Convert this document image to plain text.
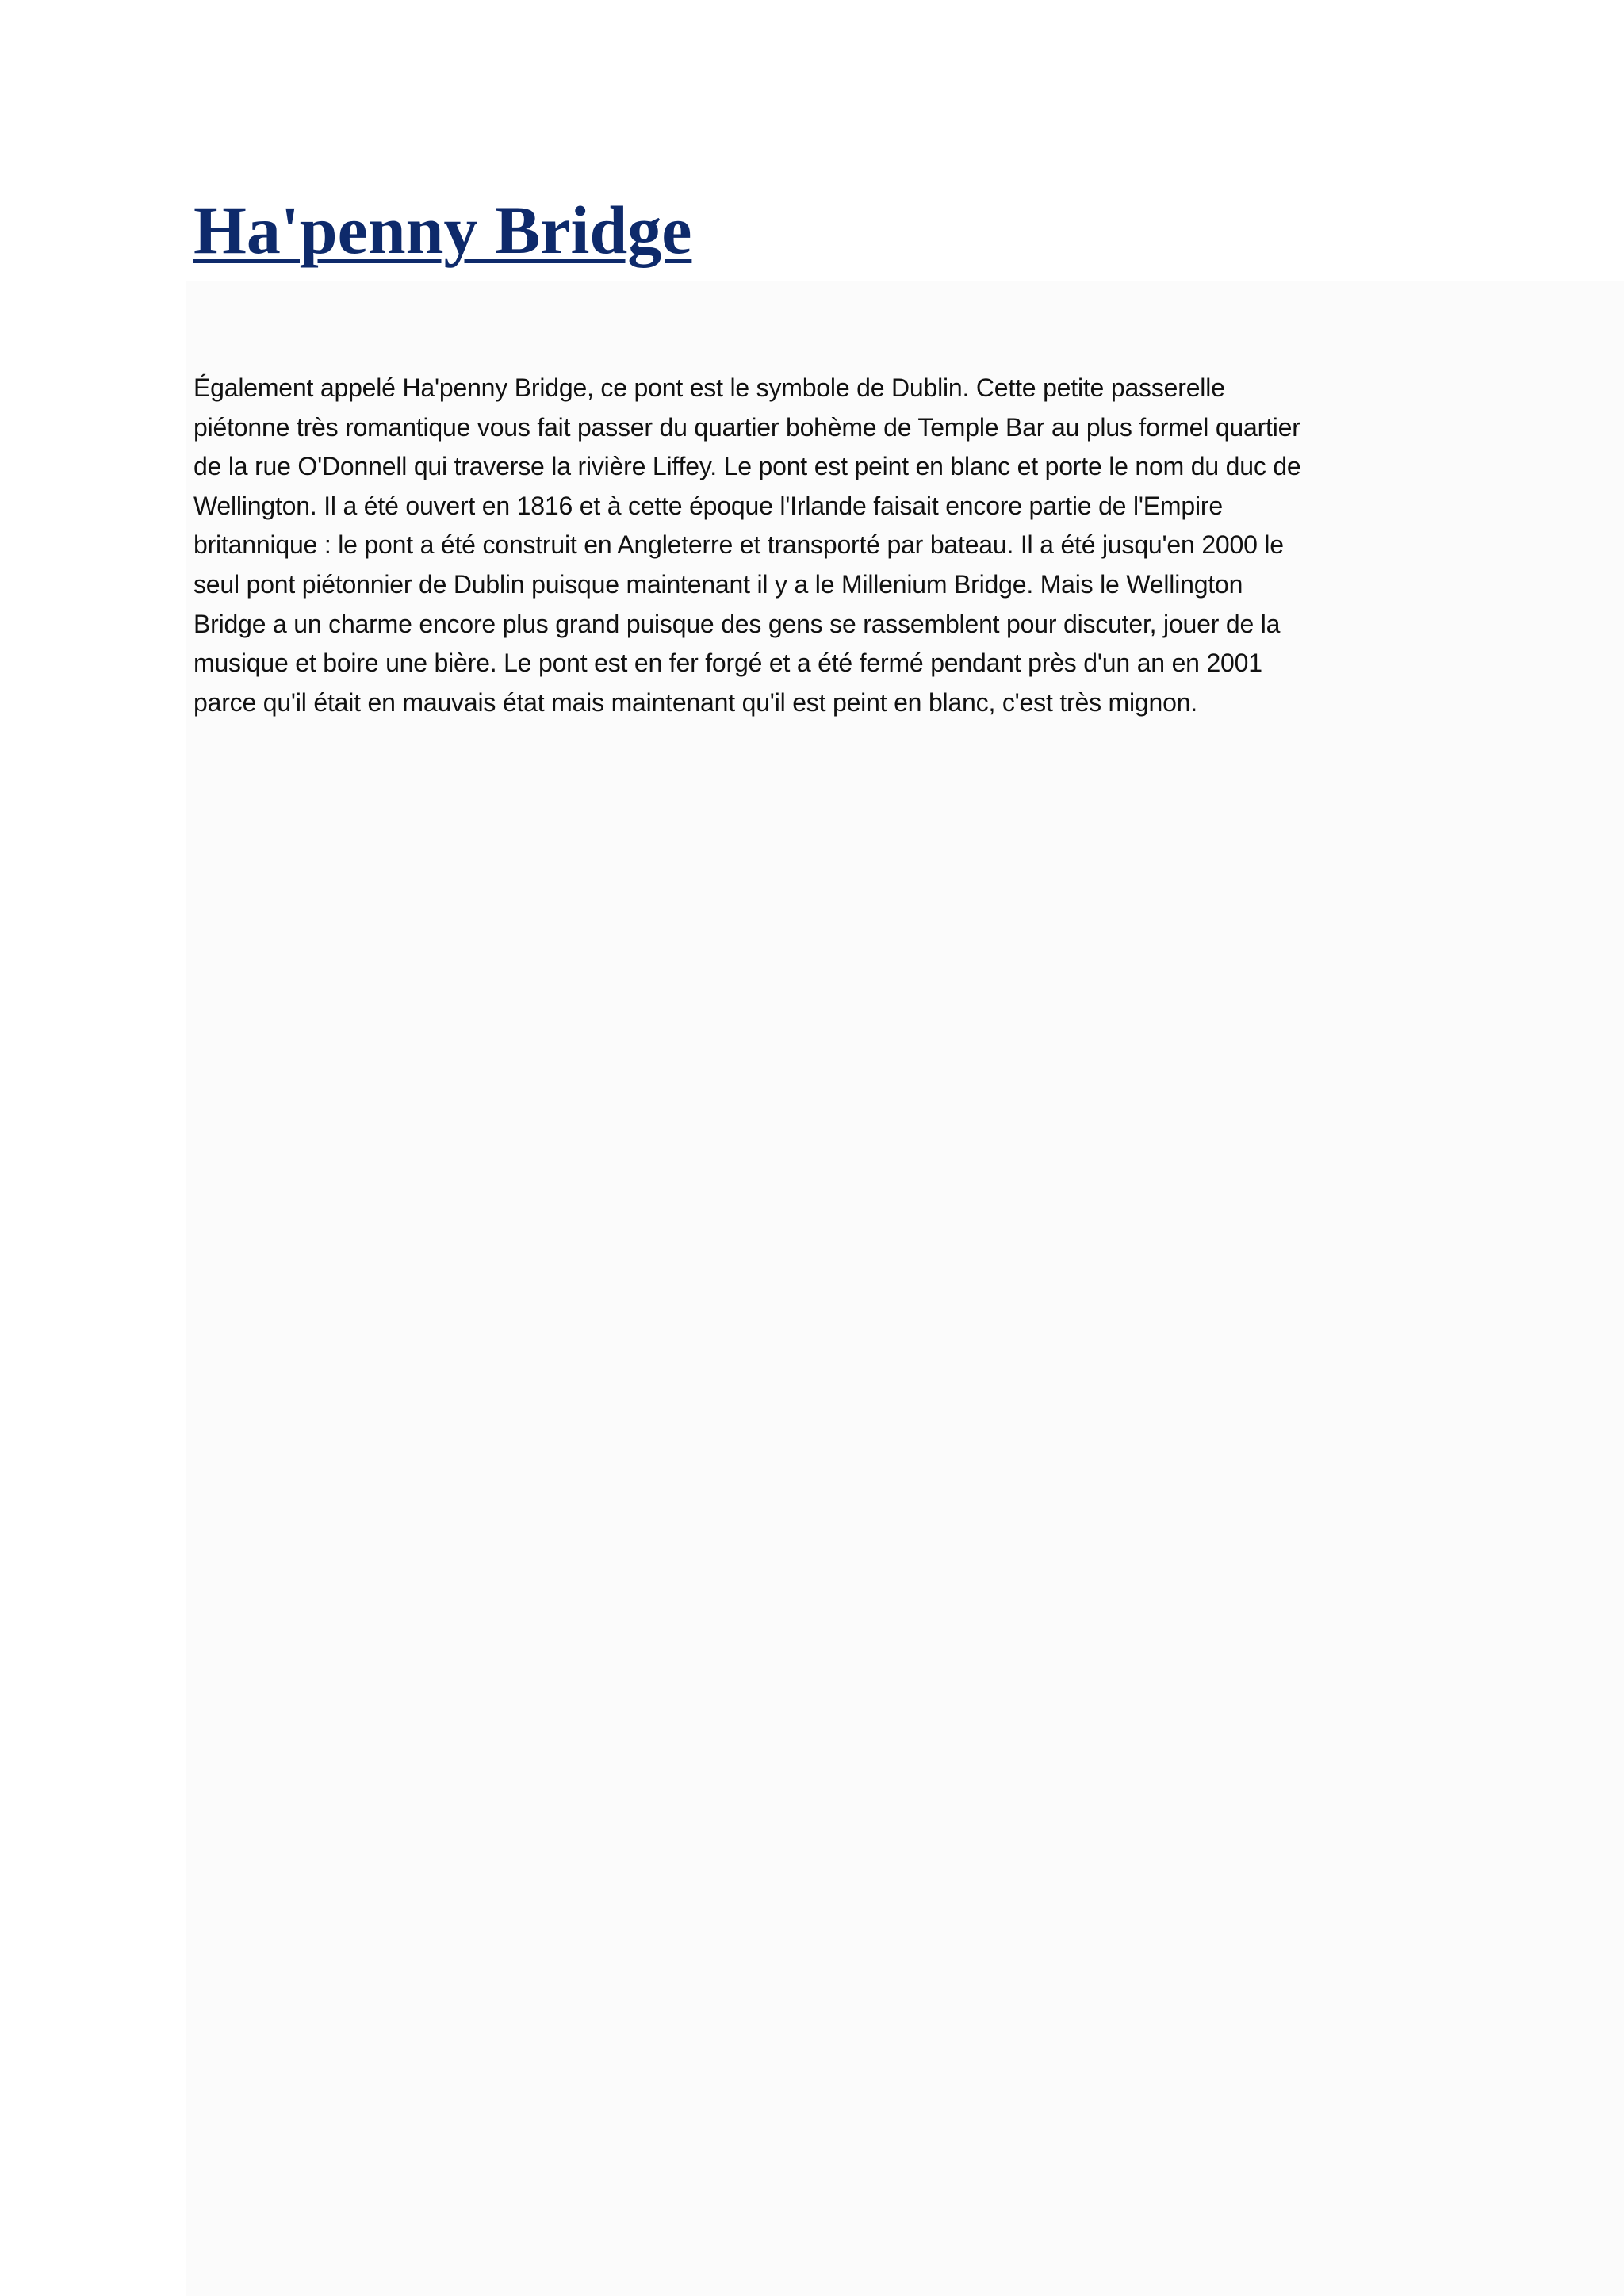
Ha'penny Bridge
Également appelé Ha'penny Bridge, ce pont est le symbole de Dublin. Cette petite passerelle
piétonne très romantique vous fait passer du quartier bohème de Temple Bar au plus formel quartier
de la rue O'Donnell qui traverse la rivière Liffey. Le pont est peint en blanc et porte le nom du duc de
Wellington. Il a été ouvert en 1816 et à cette époque l'Irlande faisait encore partie de l'Empire
britannique : le pont a été construit en Angleterre et transporté par bateau. Il a été jusqu'en 2000 le
seul pont piétonnier de Dublin puisque maintenant il y a le Millenium Bridge. Mais le Wellington
Bridge a un charme encore plus grand puisque des gens se rassemblent pour discuter, jouer de la
musique et boire une bière. Le pont est en fer forgé et a été fermé pendant près d'un an en 2001
parce qu'il était en mauvais état mais maintenant qu'il est peint en blanc, c'est très mignon.
